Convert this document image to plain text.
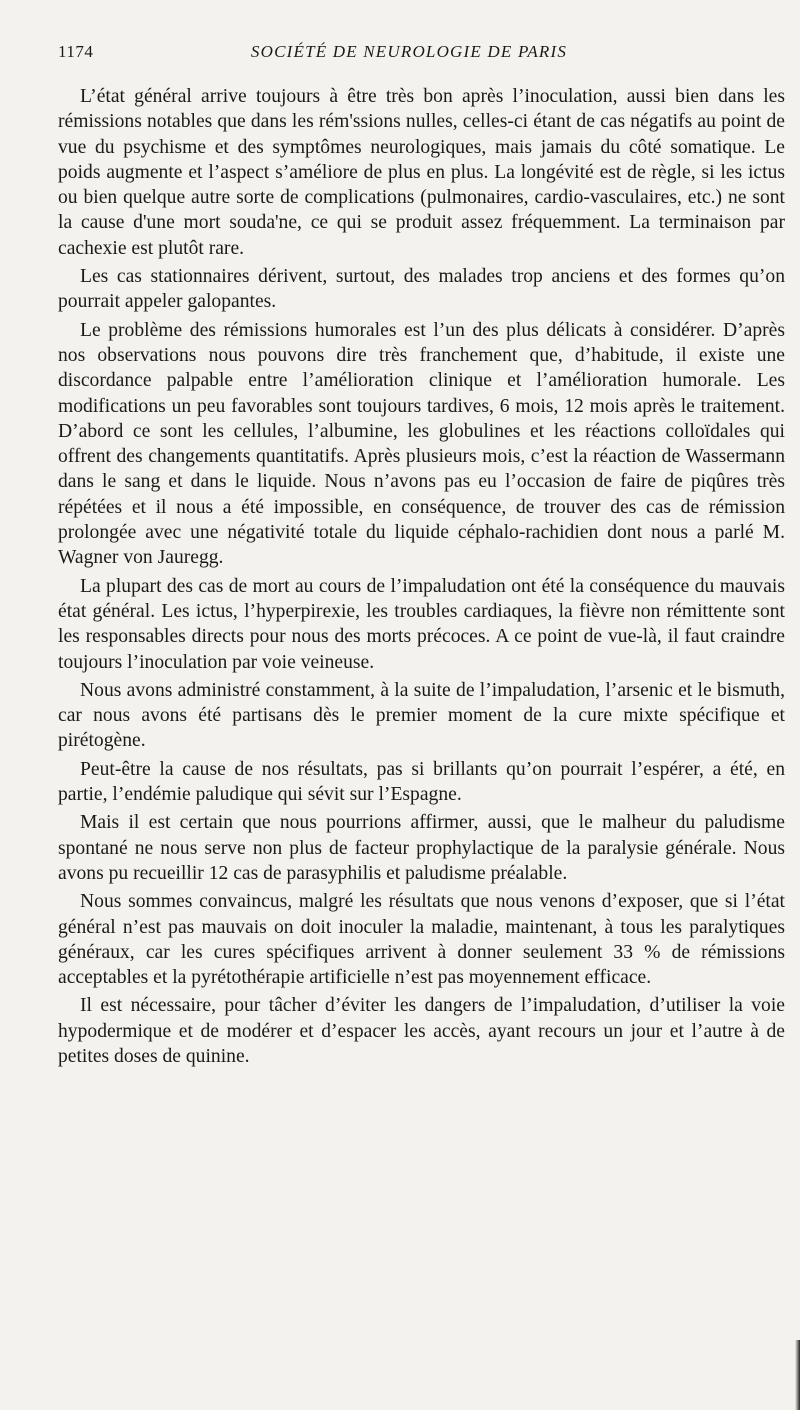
1174	SOCIÉTÉ DE NEUROLOGIE DE PARIS

L’état général arrive toujours à être très bon après l’inoculation, aussi bien dans les rémissions notables que dans les rém'ssions nulles, celles-ci étant de cas négatifs au point de vue du psychisme et des symptômes neurologiques, mais jamais du côté somatique. Le poids augmente et l’aspect s’améliore de plus en plus. La longévité est de règle, si les ictus ou bien quelque autre sorte de complications (pulmonaires, cardio-vasculaires, etc.) ne sont la cause d'une mort souda'ne, ce qui se produit assez fréquemment. La terminaison par cachexie est plutôt rare.

Les cas stationnaires dérivent, surtout, des malades trop anciens et des formes qu’on pourrait appeler galopantes.

Le problème des rémissions humorales est l’un des plus délicats à considérer. D’après nos observations nous pouvons dire très franchement que, d’habitude, il existe une discordance palpable entre l’amélioration clinique et l’amélioration humorale. Les modifications un peu favorables sont toujours tardives, 6 mois, 12 mois après le traitement. D’abord ce sont les cellules, l’albumine, les globulines et les réactions colloïdales qui offrent des changements quantitatifs. Après plusieurs mois, c’est la réaction de Wassermann dans le sang et dans le liquide. Nous n’avons pas eu l’occasion de faire de piqûres très répétées et il nous a été impossible, en conséquence, de trouver des cas de rémission prolongée avec une négativité totale du liquide céphalo-rachidien dont nous a parlé M. Wagner von Jauregg.

La plupart des cas de mort au cours de l’impaludation ont été la conséquence du mauvais état général. Les ictus, l’hyperpirexie, les troubles cardiaques, la fièvre non rémittente sont les responsables directs pour nous des morts précoces. A ce point de vue-là, il faut craindre toujours l’inoculation par voie veineuse.

Nous avons administré constamment, à la suite de l’impaludation, l’arsenic et le bismuth, car nous avons été partisans dès le premier moment de la cure mixte spécifique et pirétogène.

Peut-être la cause de nos résultats, pas si brillants qu’on pourrait l’espérer, a été, en partie, l’endémie paludique qui sévit sur l’Espagne.

Mais il est certain que nous pourrions affirmer, aussi, que le malheur du paludisme spontané ne nous serve non plus de facteur prophylactique de la paralysie générale. Nous avons pu recueillir 12 cas de parasyphilis et paludisme préalable.

Nous sommes convaincus, malgré les résultats que nous venons d’exposer, que si l’état général n’est pas mauvais on doit inoculer la maladie, maintenant, à tous les paralytiques généraux, car les cures spécifiques arrivent à donner seulement 33 % de rémissions acceptables et la pyrétothérapie artificielle n’est pas moyennement efficace.

Il est nécessaire, pour tâcher d’éviter les dangers de l’impaludation, d’utiliser la voie hypodermique et de modérer et d’espacer les accès, ayant recours un jour et l’autre à de petites doses de quinine.
